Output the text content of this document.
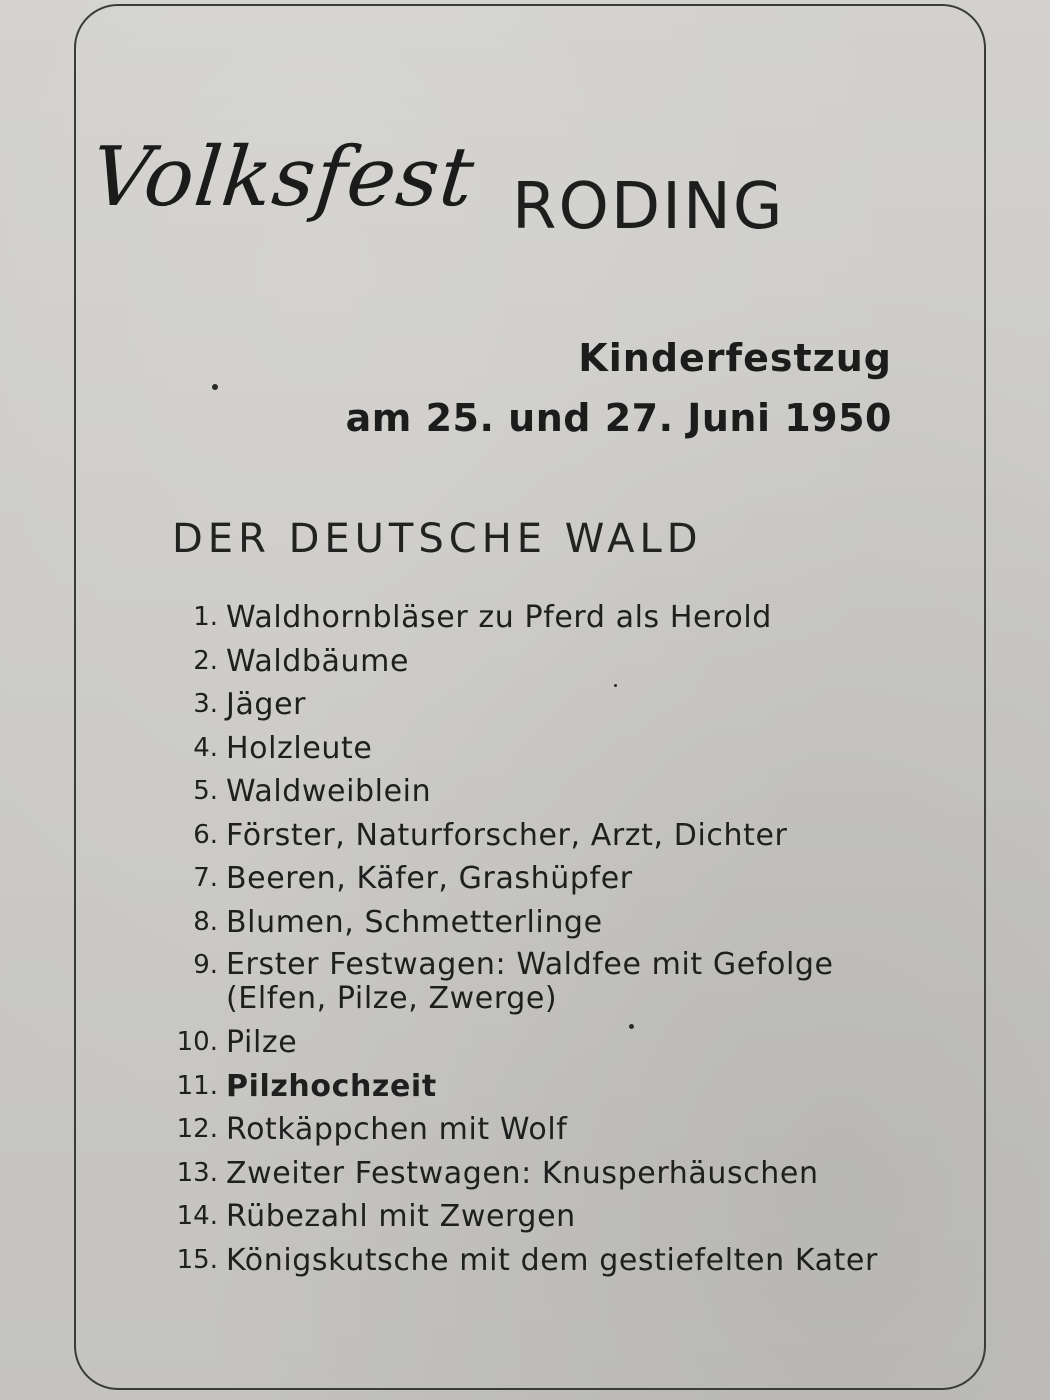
Volksfest RODING
Kinderfestzug
am 25. und 27. Juni 1950
DER DEUTSCHE WALD
1. Waldhornbläser zu Pferd als Herold
2. Waldbäume
3. Jäger
4. Holzleute
5. Waldweiblein
6. Förster, Naturforscher, Arzt, Dichter
7. Beeren, Käfer, Grashüpfer
8. Blumen, Schmetterlinge
9. Erster Festwagen: Waldfee mit Gefolge
(Elfen, Pilze, Zwerge)
10. Pilze
11. Pilzhochzeit
12. Rotkäppchen mit Wolf
13. Zweiter Festwagen: Knusperhäuschen
14. Rübezahl mit Zwergen
15. Königskutsche mit dem gestiefelten Kater
